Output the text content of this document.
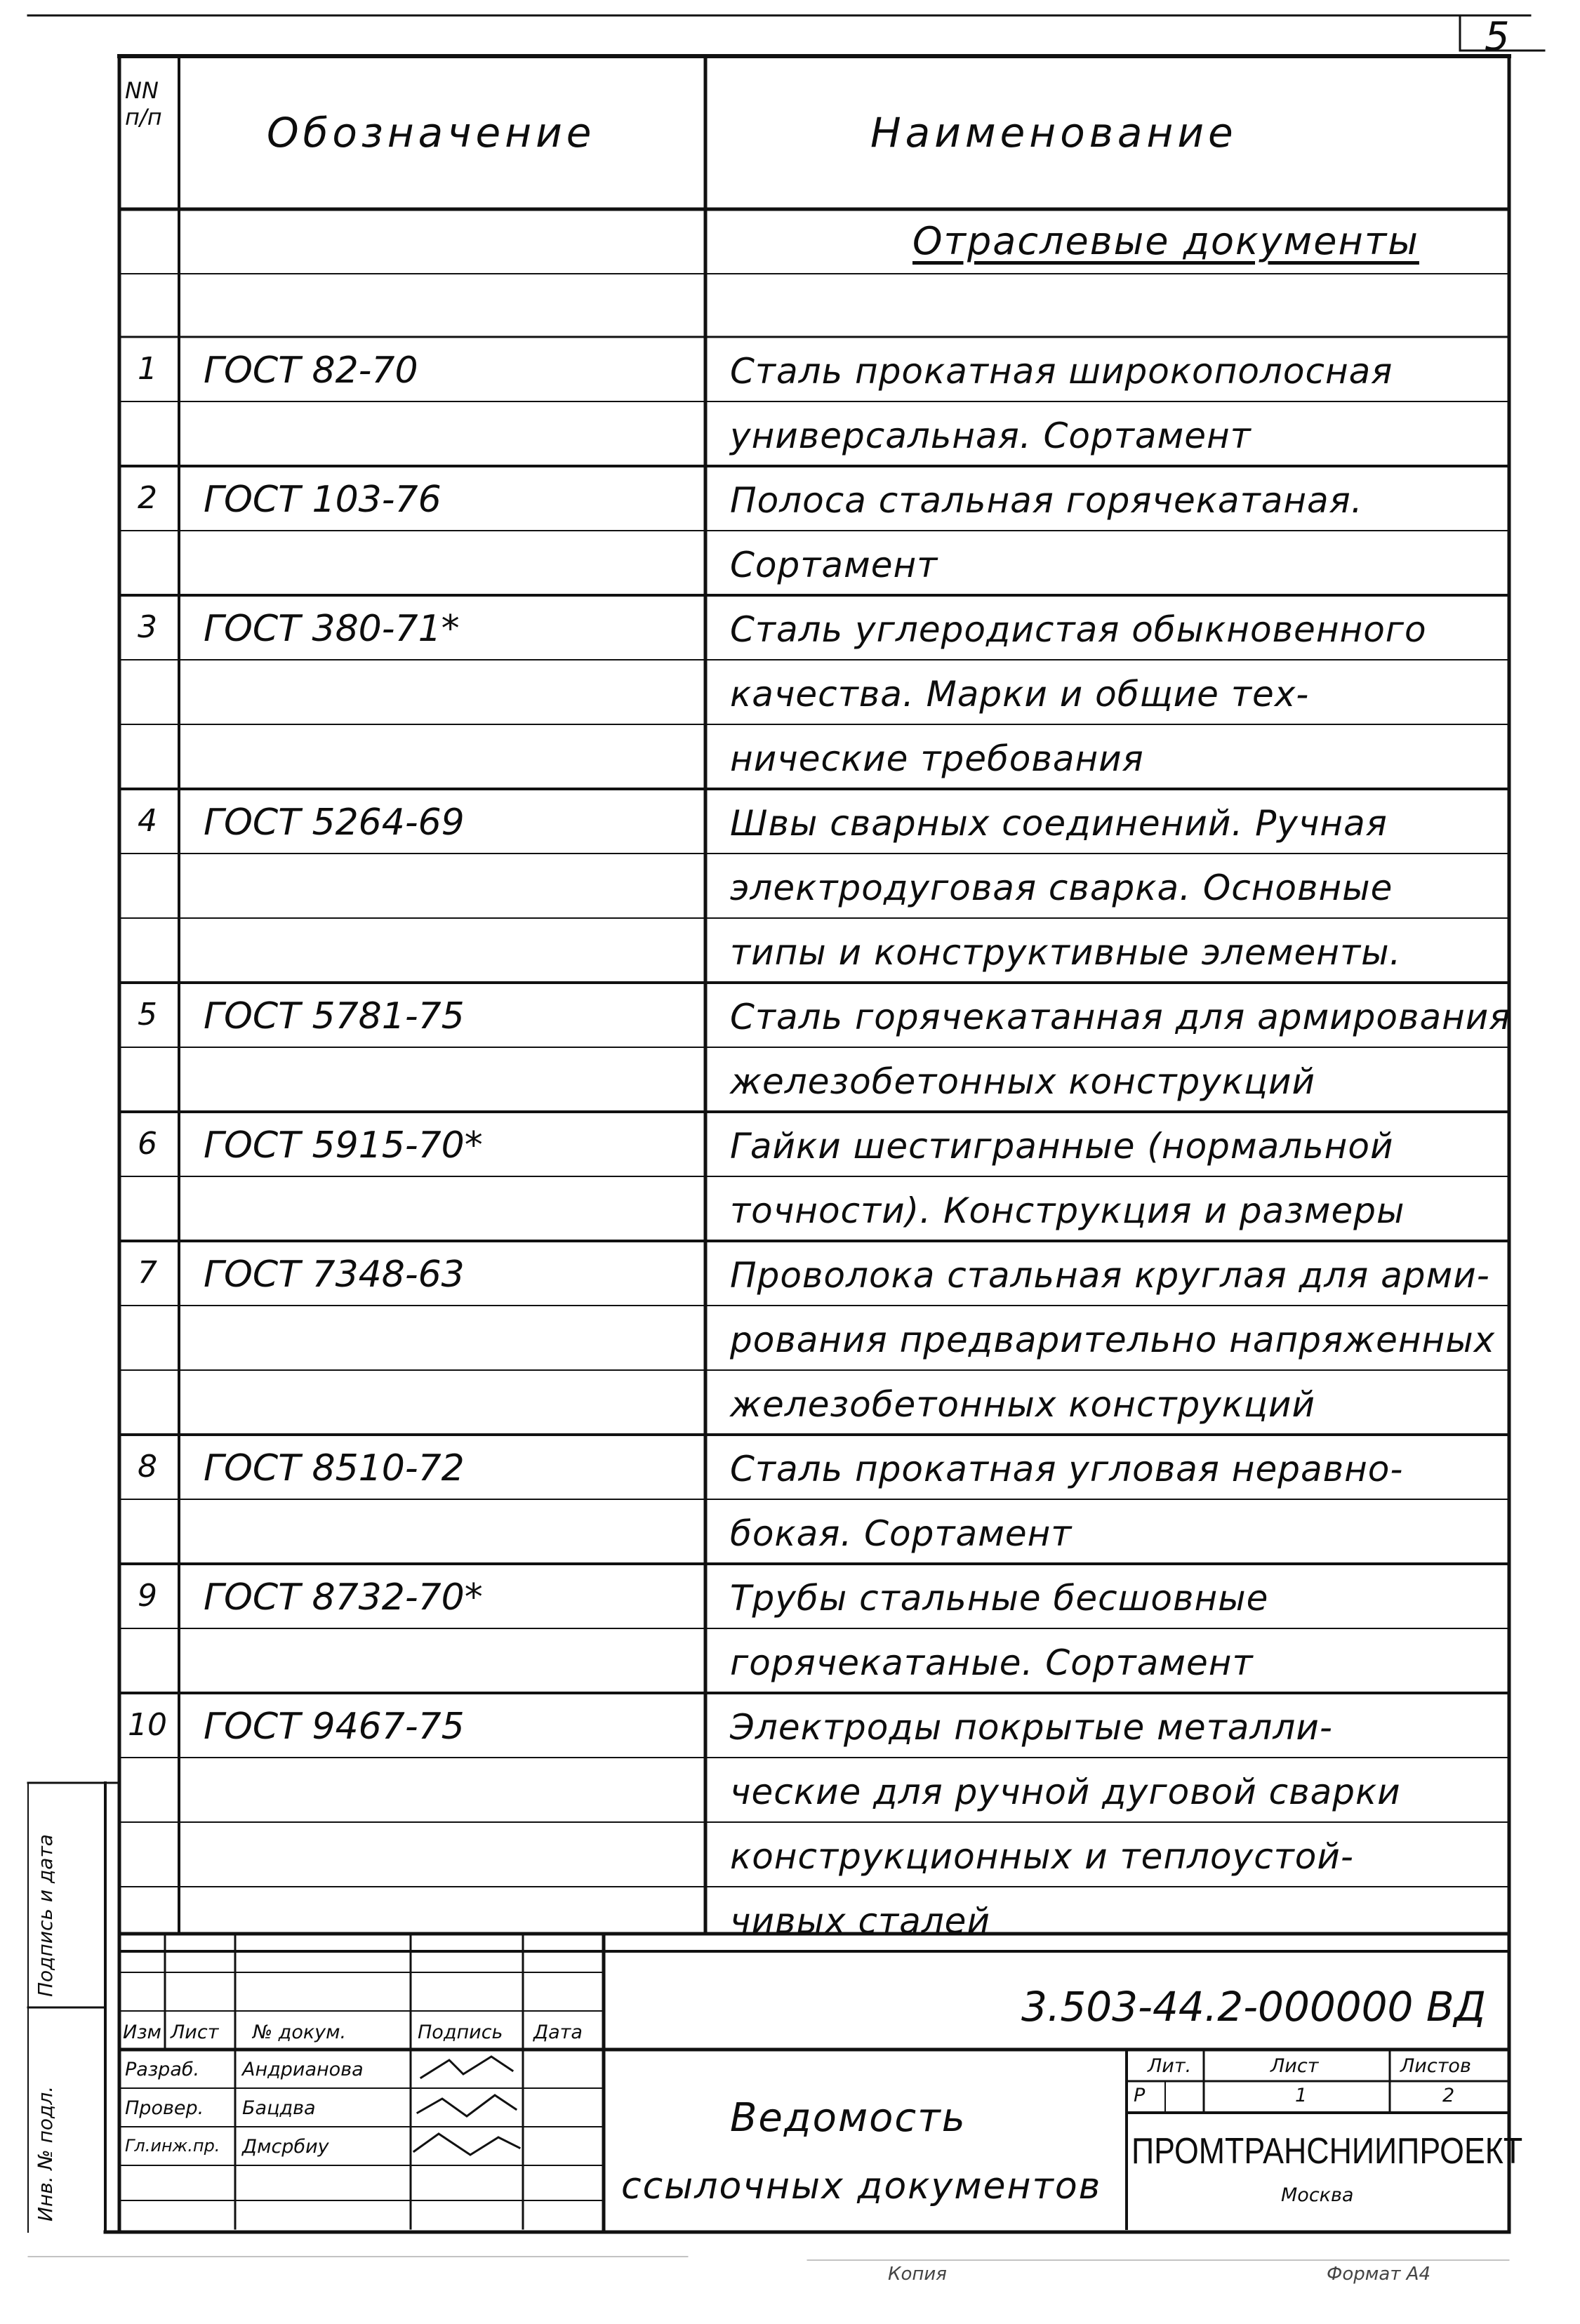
5
NN п/п	Обозначение	Наименование
Отраслевые документы
1	ГОСТ 82-70	Сталь прокатная широкополосная
универсальная. Сортамент
2	ГОСТ 103-76	Полоса стальная горячекатаная.
Сортамент
3	ГОСТ 380-71*	Сталь углеродистая обыкновенного
качества. Марки и общие тех-
нические требования
4	ГОСТ 5264-69	Швы сварных соединений. Ручная
электродуговая сварка. Основные
типы и конструктивные элементы.
5	ГОСТ 5781-75	Сталь горячекатанная для армирования
железобетонных конструкций
6	ГОСТ 5915-70*	Гайки шестигранные (нормальной
точности). Конструкция и размеры
7	ГОСТ 7348-63	Проволока стальная круглая для арми-
рования предварительно напряженных
железобетонных конструкций
8	ГОСТ 8510-72	Сталь прокатная угловая неравно-
бокая. Сортамент
9	ГОСТ 8732-70*	Трубы стальные бесшовные
горячекатаные. Сортамент
10 ГОСТ 9467-75	Электроды покрытые металли-
ческие для ручной дуговой сварки
конструкционных и теплоустой-
чивых сталей
3.503-44.2-000000 ВД
Изм Лист № докум.	Подпись Дата
Разраб. Андрианова
Провер. Бацдва
Гл.инж.пр. Дмсрбиу
Ведомость
ссылочных документов
Лит.	Лист	Листов
Р	1	2
ПРОМТРАНСНИИПРОЕКТ
Москва
Подпись и дата
Инв. № подл.
Копия	Формат А4
